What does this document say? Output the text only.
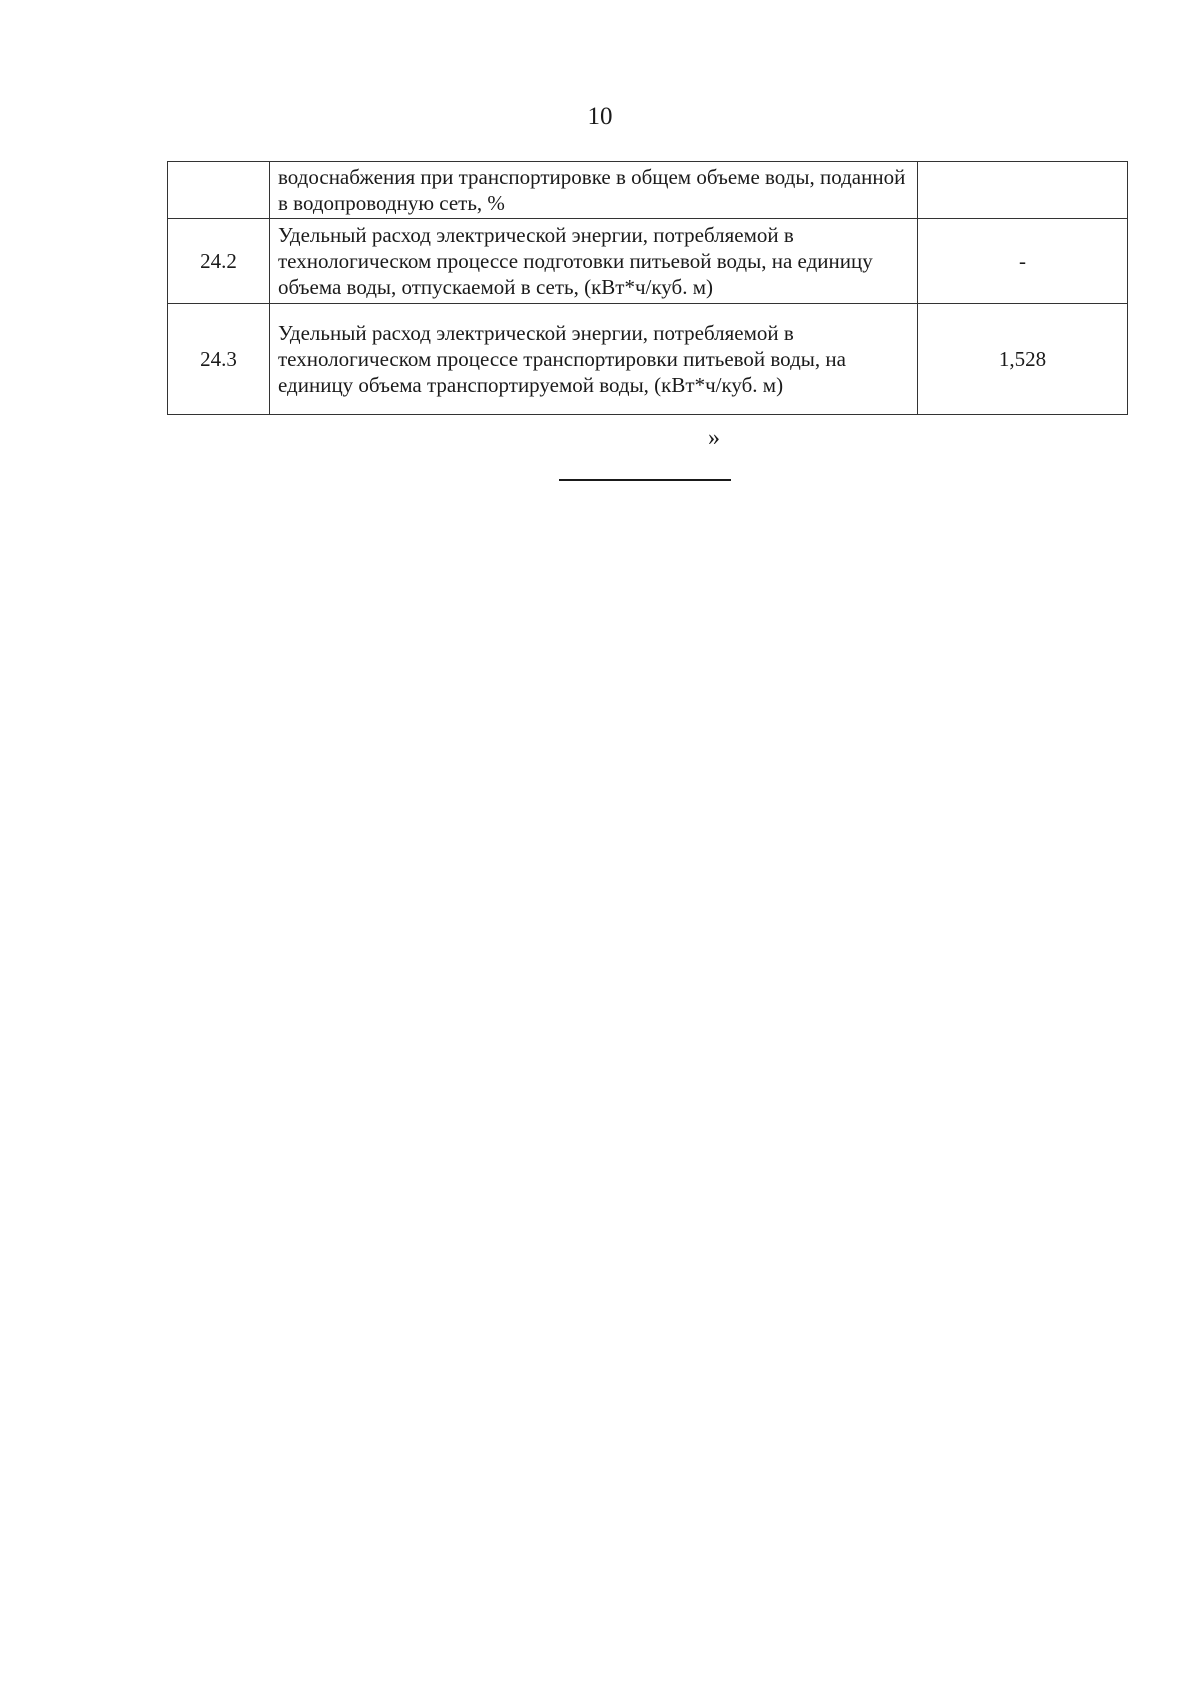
10
	водоснабжения при транспортировке в общем объеме воды, поданной в водопроводную сеть, %	
24.2	Удельный расход электрической энергии, потребляемой в технологическом процессе подготовки питьевой воды, на единицу объема воды, отпускаемой в сеть, (кВт*ч/куб. м)	-
24.3	Удельный расход электрической энергии, потребляемой в технологическом процессе транспортировки питьевой воды, на единицу объема транспортируемой воды, (кВт*ч/куб. м)	1,528
»
